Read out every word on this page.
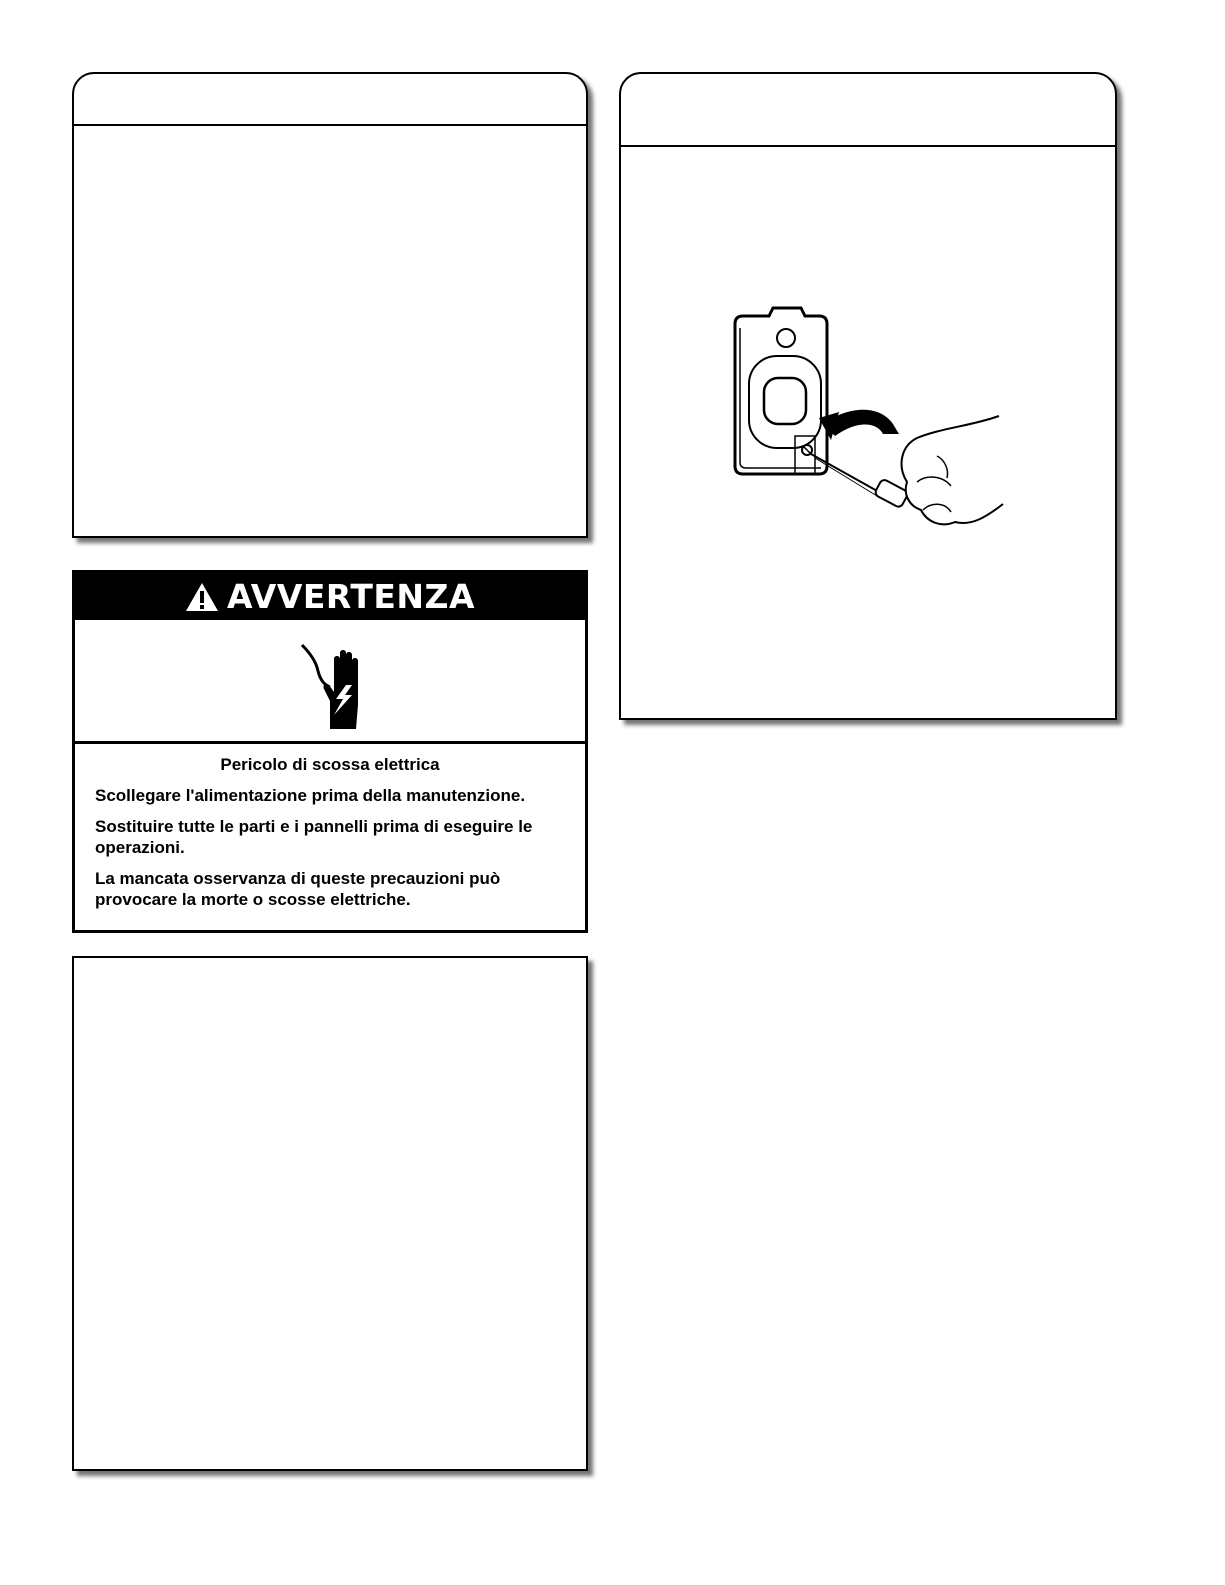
AVVERTENZA

Pericolo di scossa elettrica

Scollegare l'alimentazione prima della manutenzione.

Sostituire tutte le parti e i pannelli prima di eseguire le operazioni.

La mancata osservanza di queste precauzioni può provocare la morte o scosse elettriche.
